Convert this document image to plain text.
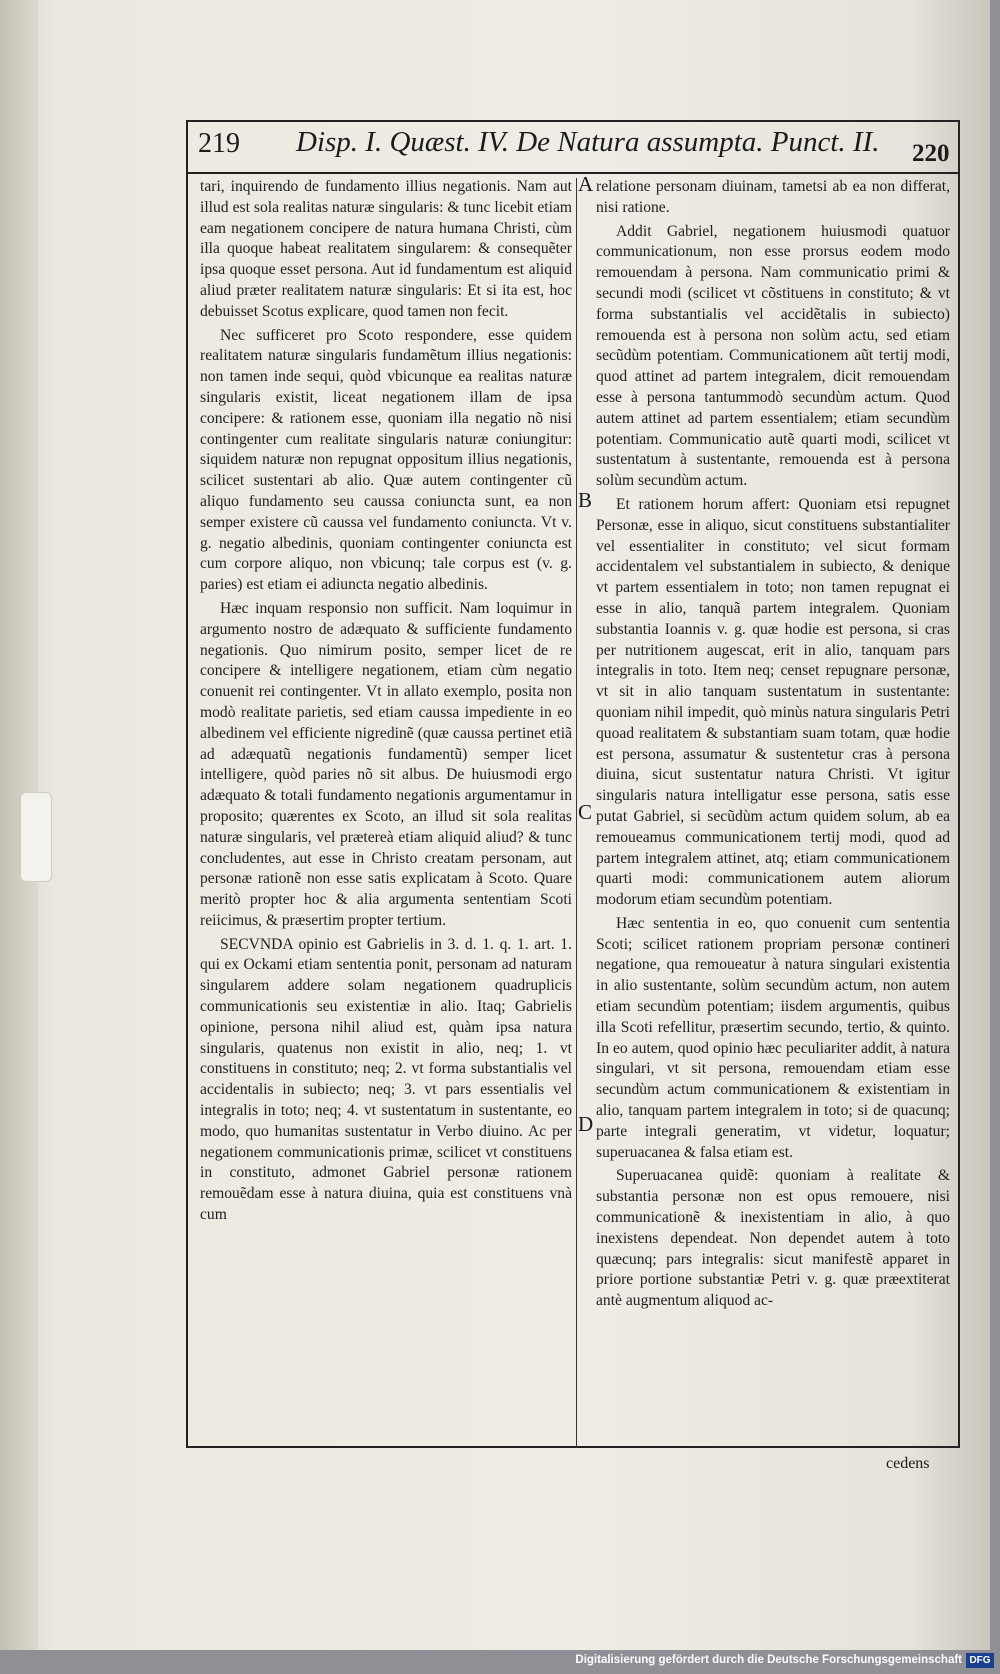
219 Disp. I. Quæst. IV. De Natura assumpta. Punct. II. 220

tari, inquirendo de fundamento illius negationis. Nam aut illud est sola realitas naturæ singularis: & tunc licebit etiam eam negationem concipere de natura humana Christi, cùm illa quoque habeat realitatem singularem: & consequẽter ipsa quoque esset persona. Aut id fundamentum est aliquid aliud præter realitatem naturæ singularis: Et si ita est, hoc debuisset Scotus explicare, quod tamen non fecit.

Nec sufficeret pro Scoto respondere, esse quidem realitatem naturæ singularis fundamẽtum illius negationis: non tamen inde sequi, quòd vbicunque ea realitas naturæ singularis existit, liceat negationem illam de ipsa concipere: & rationem esse, quoniam illa negatio nõ nisi contingenter cum realitate singularis naturæ coniungitur: siquidem naturæ non repugnat oppositum illius negationis, scilicet sustentari ab alio. Quæ autem contingenter cũ aliquo fundamento seu caussa coniuncta sunt, ea non semper existere cũ caussa vel fundamento coniuncta. Vt v. g. negatio albedinis, quoniam contingenter coniuncta est cum corpore aliquo, non vbicunq; tale corpus est (v. g. paries) est etiam ei adiuncta negatio albedinis.

Hæc inquam responsio non sufficit. Nam loquimur in argumento nostro de adæquato & sufficiente fundamento negationis. Quo nimirum posito, semper licet de re concipere & intelligere negationem, etiam cùm negatio conuenit rei contingenter. Vt in allato exemplo, posita non modò realitate parietis, sed etiam caussa impediente in eo albedinem vel efficiente nigredinẽ (quæ caussa pertinet etiã ad adæquatũ negationis fundamentũ) semper licet intelligere, quòd paries nõ sit albus. De huiusmodi ergo adæquato & totali fundamento negationis argumentamur in proposito; quærentes ex Scoto, an illud sit sola realitas naturæ singularis, vel prætereà etiam aliquid aliud? & tunc concludentes, aut esse in Christo creatam personam, aut personæ rationẽ non esse satis explicatam à Scoto. Quare meritò propter hoc & alia argumenta sententiam Scoti reiicimus, & præsertim propter tertium.

SECVNDA opinio est Gabrielis in 3. d. 1. q. 1. art. 1. qui ex Ockami etiam sententia ponit, personam ad naturam singularem addere solam negationem quadruplicis communicationis seu existentiæ in alio. Itaq; Gabrielis opinione, persona nihil aliud est, quàm ipsa natura singularis, quatenus non existit in alio, neq; 1. vt constituens in constituto; neq; 2. vt forma substantialis vel accidentalis in subiecto; neq; 3. vt pars essentialis vel integralis in toto; neq; 4. vt sustentatum in sustentante, eo modo, quo humanitas sustentatur in Verbo diuino. Ac per negationem communicationis primæ, scilicet vt constituens in constituto, admonet Gabriel personæ rationem remouẽdam esse à natura diuina, quia est constituens vnà cum

relatione personam diuinam, tametsi ab ea non differat, nisi ratione.

Addit Gabriel, negationem huiusmodi quatuor communicationum, non esse prorsus eodem modo remouendam à persona. Nam communicatio primi & secundi modi (scilicet vt cõstituens in constituto; & vt forma substantialis vel accidẽtalis in subiecto) remouenda est à persona non solùm actu, sed etiam secũdùm potentiam. Communicationem aũt tertij modi, quod attinet ad partem integralem, dicit remouendam esse à persona tantummodò secundùm actum. Quod autem attinet ad partem essentialem; etiam secundùm potentiam. Communicatio autẽ quarti modi, scilicet vt sustentatum à sustentante, remouenda est à persona solùm secundùm actum.

Et rationem horum affert: Quoniam etsi repugnet Personæ, esse in aliquo, sicut constituens substantialiter vel essentialiter in constituto; vel sicut formam accidentalem vel substantialem in subiecto, & denique vt partem essentialem in toto; non tamen repugnat ei esse in alio, tanquã partem integralem. Quoniam substantia Ioannis v. g. quæ hodie est persona, si cras per nutritionem augescat, erit in alio, tanquam pars integralis in toto. Item neq; censet repugnare personæ, vt sit in alio tanquam sustentatum in sustentante: quoniam nihil impedit, quò minùs natura singularis Petri quoad realitatem & substantiam suam totam, quæ hodie est persona, assumatur & sustentetur cras à persona diuina, sicut sustentatur natura Christi. Vt igitur singularis natura intelligatur esse persona, satis esse putat Gabriel, si secũdùm actum quidem solum, ab ea remoueamus communicationem tertij modi, quod ad partem integralem attinet, atq; etiam communicationem quarti modi: communicationem autem aliorum modorum etiam secundùm potentiam.

Hæc sententia in eo, quo conuenit cum sententia Scoti; scilicet rationem propriam personæ contineri negatione, qua remoueatur à natura singulari existentia in alio sustentante, solùm secundùm actum, non autem etiam secundùm potentiam; iisdem argumentis, quibus illa Scoti refellitur, præsertim secundo, tertio, & quinto. In eo autem, quod opinio hæc peculiariter addit, à natura singulari, vt sit persona, remouendam etiam esse secundùm actum communicationem & existentiam in alio, tanquam partem integralem in toto; si de quacunq; parte integrali generatim, vt videtur, loquatur; superuacanea & falsa etiam est.

Superuacanea quidẽ: quoniam à realitate & substantia personæ non est opus remouere, nisi communicationẽ & inexistentiam in alio, à quo inexistens dependeat. Non dependet autem à toto quæcunq; pars integralis: sicut manifestẽ apparet in priore portione substantiæ Petri v. g. quæ præextiterat antè augmentum aliquod ac-

A
B
C
D
cedens
Digitalisierung gefördert durch die Deutsche Forschungsgemeinschaft DFG
